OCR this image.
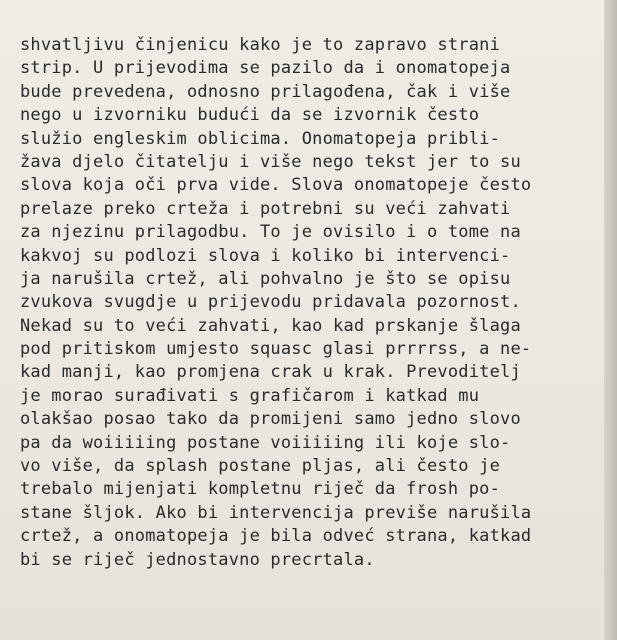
shvatljivu činjenicu kako je to zapravo strani
strip. U prijevodima se pazilo da i onomatopeja
bude prevedena, odnosno prilagođena, čak i više
nego u izvorniku budući da se izvornik često
služio engleskim oblicima. Onomatopeja pribli-
žava djelo čitatelju i više nego tekst jer to su
slova koja oči prva vide. Slova onomatopeje često
prelaze preko crteža i potrebni su veći zahvati
za njezinu prilagodbu. To je ovisilo i o tome na
kakvoj su podlozi slova i koliko bi intervenci-
ja narušila crtež, ali pohvalno je što se opisu
zvukova svugdje u prijevodu pridavala pozornost.
Nekad su to veći zahvati, kao kad prskanje šlaga
pod pritiskom umjesto squasc glasi prrrrss, a ne-
kad manji, kao promjena crak u krak. Prevoditelj
je morao surađivati s grafičarom i katkad mu
olakšao posao tako da promijeni samo jedno slovo
pa da woiiiiing postane voiiiiing ili koje slo-
vo više, da splash postane pljas, ali često je
trebalo mijenjati kompletnu riječ da frosh po-
stane šljok. Ako bi intervencija previše narušila
crtež, a onomatopeja je bila odveć strana, katkad
bi se riječ jednostavno precrtala.
